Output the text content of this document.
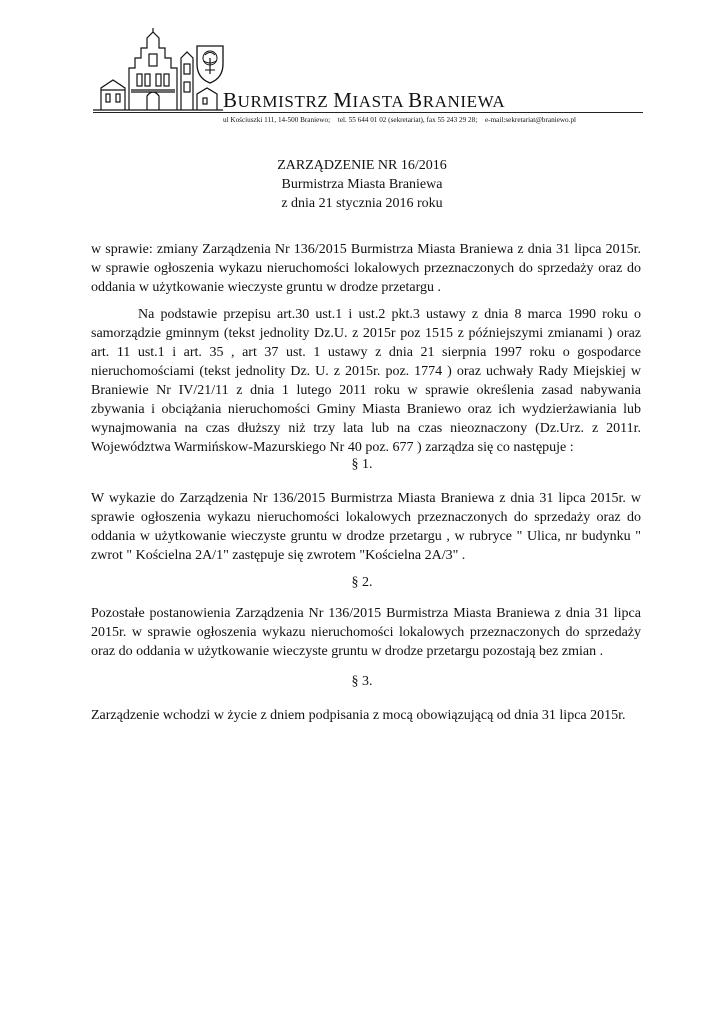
BURMISTRZ MIASTA BRANIEWA
ul Kościuszki 111, 14-500 Braniewo; tel. 55 644 01 02 (sekretariat), fax 55 243 29 28; e-mail:sekretariat@braniewo.pl
ZARZĄDZENIE NR 16/2016
Burmistrza Miasta Braniewa
z dnia 21 stycznia 2016 roku

w sprawie: zmiany Zarządzenia Nr 136/2015 Burmistrza Miasta Braniewa z dnia 31 lipca 2015r. w sprawie ogłoszenia wykazu nieruchomości lokalowych przeznaczonych do sprzedaży oraz do oddania w użytkowanie wieczyste gruntu w drodze przetargu .

Na podstawie przepisu art.30 ust.1 i ust.2 pkt.3 ustawy z dnia 8 marca 1990 roku o samorządzie gminnym (tekst jednolity Dz.U. z 2015r poz 1515 z późniejszymi zmianami ) oraz art. 11 ust.1 i art. 35 , art 37 ust. 1 ustawy z dnia 21 sierpnia 1997 roku o gospodarce nieruchomościami (tekst jednolity Dz. U. z 2015r. poz. 1774 ) oraz uchwały Rady Miejskiej w Braniewie Nr IV/21/11 z dnia 1 lutego 2011 roku w sprawie określenia zasad nabywania zbywania i obciążania nieruchomości Gminy Miasta Braniewo oraz ich wydzierżawiania lub wynajmowania na czas dłuższy niż trzy lata lub na czas nieoznaczony (Dz.Urz. z 2011r. Województwa Warmińskow-Mazurskiego Nr 40 poz. 677 ) zarządza się co następuje :

§ 1.

W wykazie do Zarządzenia Nr 136/2015 Burmistrza Miasta Braniewa z dnia 31 lipca 2015r. w sprawie ogłoszenia wykazu nieruchomości lokalowych przeznaczonych do sprzedaży oraz do oddania w użytkowanie wieczyste gruntu w drodze przetargu , w rubryce " Ulica, nr budynku " zwrot " Kościelna 2A/1" zastępuje się zwrotem "Kościelna 2A/3" .

§ 2.

Pozostałe postanowienia Zarządzenia Nr 136/2015 Burmistrza Miasta Braniewa z dnia 31 lipca 2015r. w sprawie ogłoszenia wykazu nieruchomości lokalowych przeznaczonych do sprzedaży oraz do oddania w użytkowanie wieczyste gruntu w drodze przetargu pozostają bez zmian .

§ 3.

Zarządzenie wchodzi w życie z dniem podpisania z mocą obowiązującą od dnia 31 lipca 2015r.
